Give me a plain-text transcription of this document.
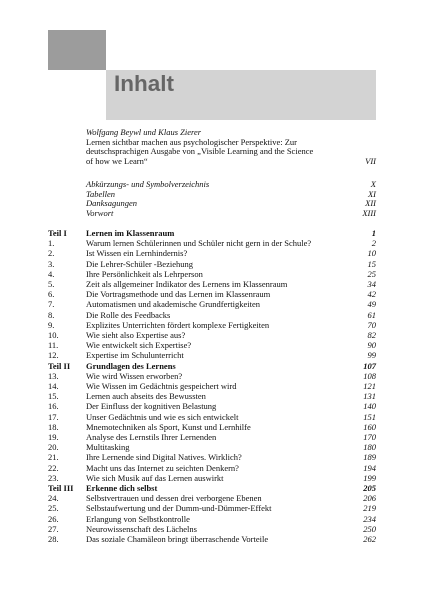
Inhalt
Wolfgang Beywl und Klaus Zierer
Lernen sichtbar machen aus psychologischer Perspektive: Zur
deutschsprachigen Ausgabe von „Visible Learning and the Science
of how we Learn“	VII
Abkürzungs- und Symbolverzeichnis	X
Tabellen	XI
Danksagungen	XII
Vorwort	XIII
Teil I	Lernen im Klassenraum	1
1.	Warum lernen Schülerinnen und Schüler nicht gern in der Schule?	2
2.	Ist Wissen ein Lernhindernis?	10
3.	Die Lehrer-Schüler -Beziehung	15
4.	Ihre Persönlichkeit als Lehrperson	25
5.	Zeit als allgemeiner Indikator des Lernens im Klassenraum	34
6.	Die Vortragsmethode und das Lernen im Klassenraum	42
7.	Automatismen und akademische Grundfertigkeiten	49
8.	Die Rolle des Feedbacks	61
9.	Explizites Unterrichten fördert komplexe Fertigkeiten	70
10.	Wie sieht also Expertise aus?	82
11.	Wie entwickelt sich Expertise?	90
12.	Expertise im Schulunterricht	99
Teil II	Grundlagen des Lernens	107
13.	Wie wird Wissen erworben?	108
14.	Wie Wissen im Gedächtnis gespeichert wird	121
15.	Lernen auch abseits des Bewussten	131
16.	Der Einfluss der kognitiven Belastung	140
17.	Unser Gedächtnis und wie es sich entwickelt	151
18.	Mnemotechniken als Sport, Kunst und Lernhilfe	160
19.	Analyse des Lernstils Ihrer Lernenden	170
20.	Multitasking	180
21.	Ihre Lernende sind Digital Natives. Wirklich?	189
22.	Macht uns das Internet zu seichten Denkern?	194
23.	Wie sich Musik auf das Lernen auswirkt	199
Teil III	Erkenne dich selbst	205
24.	Selbstvertrauen und dessen drei verborgene Ebenen	206
25.	Selbstaufwertung und der Dumm-und-Dümmer-Effekt	219
26.	Erlangung von Selbstkontrolle	234
27.	Neurowissenschaft des Lächelns	250
28.	Das soziale Chamäleon bringt überraschende Vorteile	262
